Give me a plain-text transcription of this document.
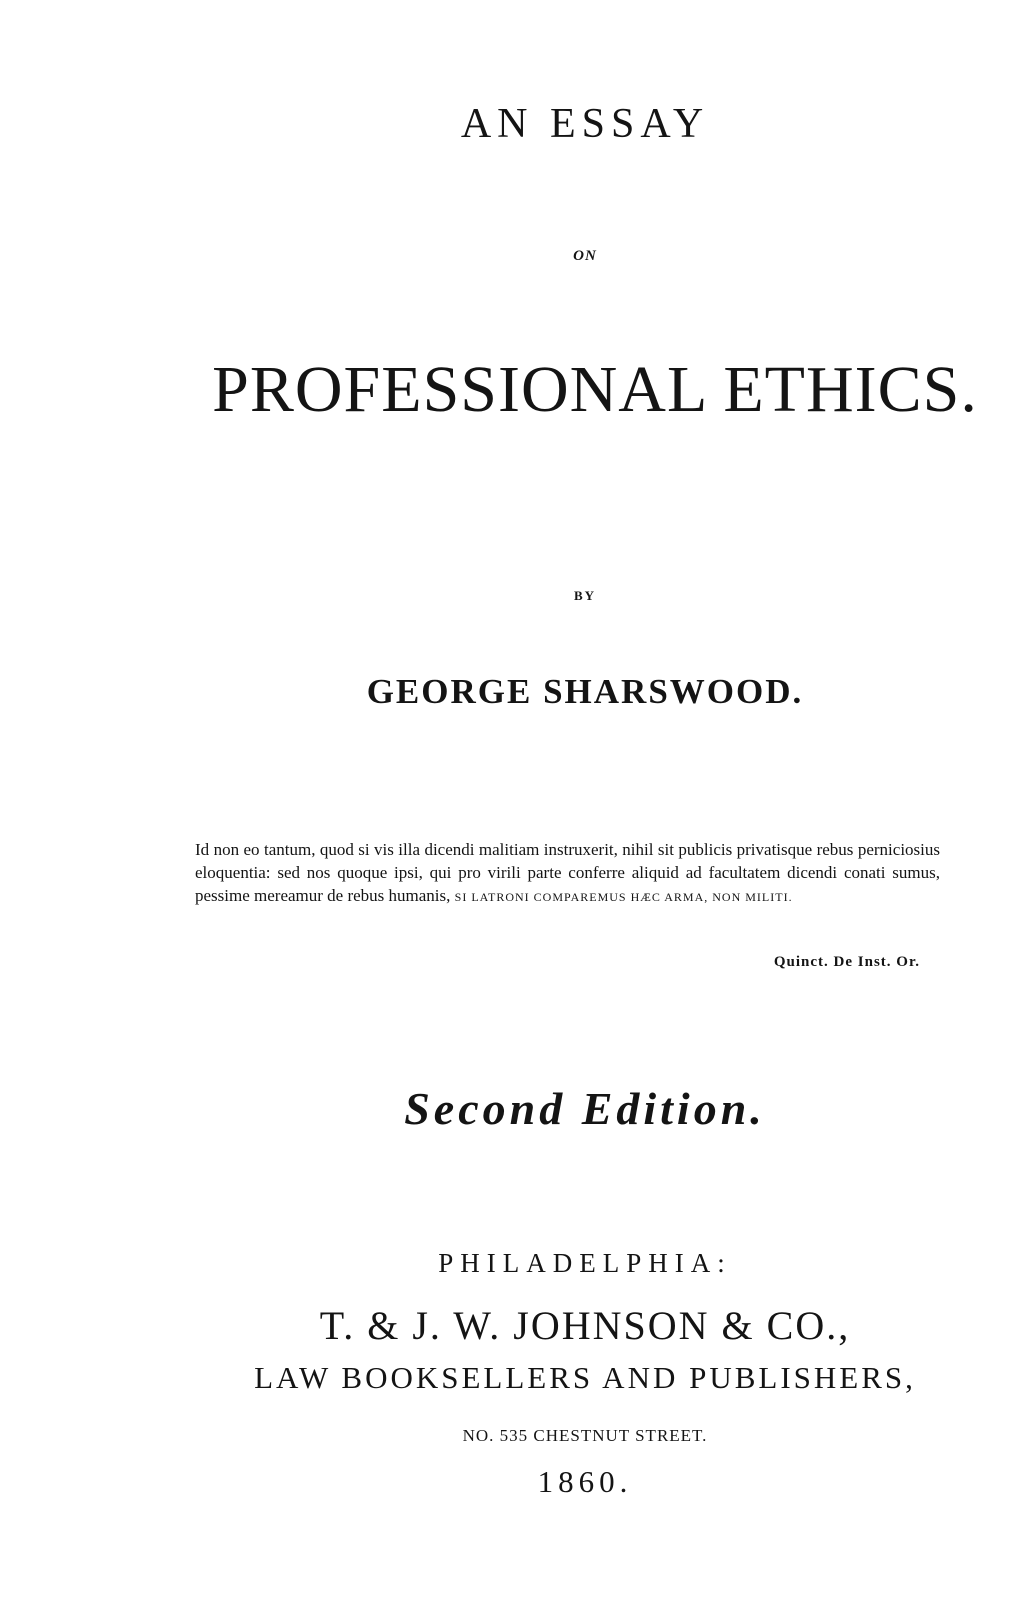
AN ESSAY
ON
PROFESSIONAL ETHICS.
BY
GEORGE SHARSWOOD.
Id non eo tantum, quod si vis illa dicendi malitiam instruxerit, nihil sit publicis privatisque rebus perniciosius eloquentia: sed nos quoque ipsi, qui pro virili parte conferre aliquid ad facultatem dicendi conati sumus, pessime mereamur de rebus humanis, SI LATRONI COMPAREMUS HÆC ARMA, NON MILITI.
Quinct. De Inst. Or.
Second Edition.
PHILADELPHIA:
T. & J. W. JOHNSON & CO.,
LAW BOOKSELLERS AND PUBLISHERS,
NO. 535 CHESTNUT STREET.
1860.
